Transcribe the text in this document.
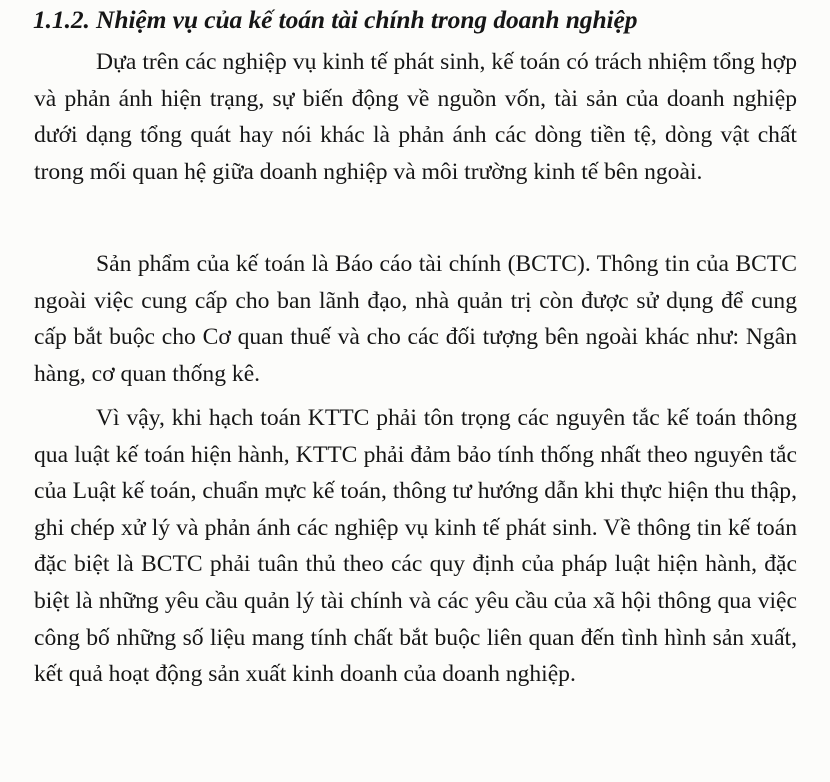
1.1.2. Nhiệm vụ của kế toán tài chính trong doanh nghiệp

Dựa trên các nghiệp vụ kinh tế phát sinh, kế toán có trách nhiệm tổng hợp và phản ánh hiện trạng, sự biến động về nguồn vốn, tài sản của doanh nghiệp dưới dạng tổng quát hay nói khác là phản ánh các dòng tiền tệ, dòng vật chất trong mối quan hệ giữa doanh nghiệp và môi trường kinh tế bên ngoài.

Sản phẩm của kế toán là Báo cáo tài chính (BCTC). Thông tin của BCTC ngoài việc cung cấp cho ban lãnh đạo, nhà quản trị còn được sử dụng để cung cấp bắt buộc cho Cơ quan thuế và cho các đối tượng bên ngoài khác như: Ngân hàng, cơ quan thống kê.

Vì vậy, khi hạch toán KTTC phải tôn trọng các nguyên tắc kế toán thông qua luật kế toán hiện hành, KTTC phải đảm bảo tính thống nhất theo nguyên tắc của Luật kế toán, chuẩn mực kế toán, thông tư hướng dẫn khi thực hiện thu thập, ghi chép xử lý và phản ánh các nghiệp vụ kinh tế phát sinh. Về thông tin kế toán đặc biệt là BCTC phải tuân thủ theo các quy định của pháp luật hiện hành, đặc biệt là những yêu cầu quản lý tài chính và các yêu cầu của xã hội thông qua việc công bố những số liệu mang tính chất bắt buộc liên quan đến tình hình sản xuất, kết quả hoạt động sản xuất kinh doanh của doanh nghiệp.
